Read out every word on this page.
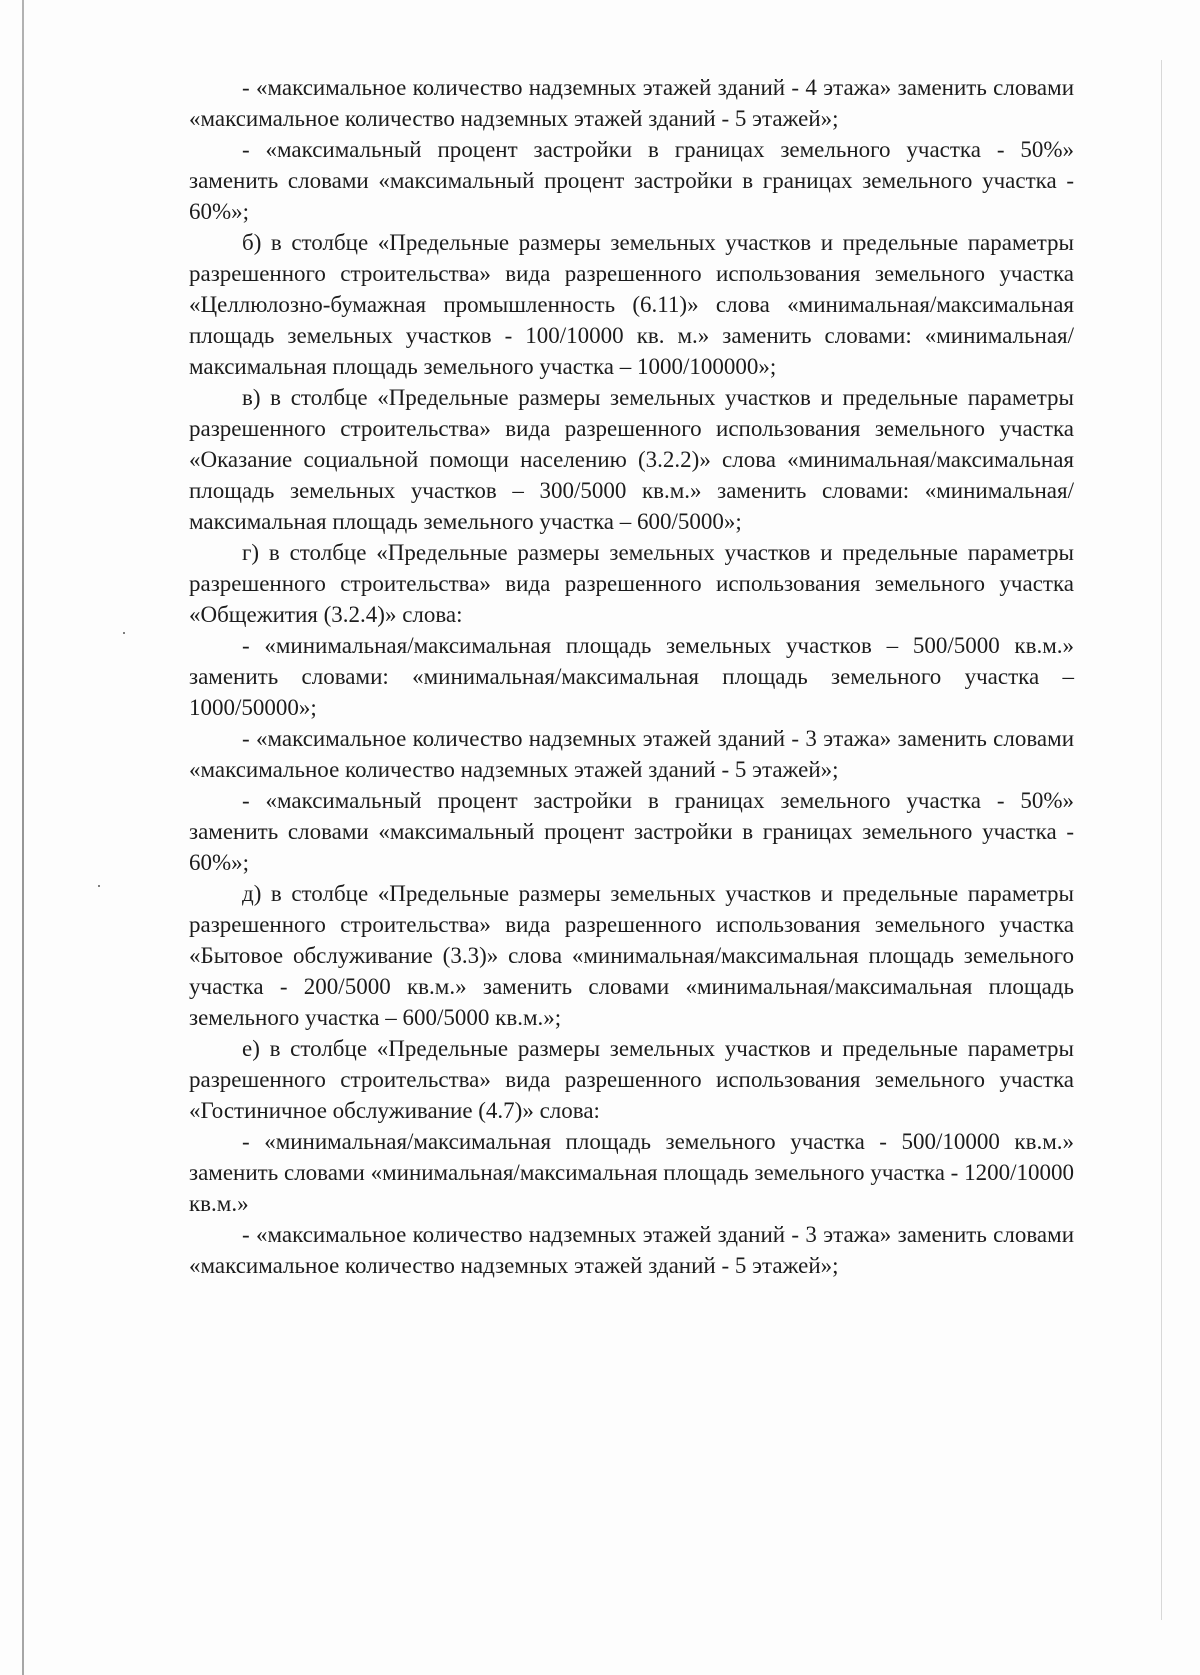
- «максимальное количество надземных этажей зданий - 4 этажа» заменить словами «максимальное количество надземных этажей зданий - 5 этажей»;

- «максимальный процент застройки в границах земельного участка - 50%» заменить словами «максимальный процент застройки в границах земельного участка - 60%»;

б) в столбце «Предельные размеры земельных участков и предельные параметры разрешенного строительства» вида разрешенного использования земельного участка «Целлюлозно-бумажная промышленность (6.11)» слова «минимальная/максимальная площадь земельных участков - 100/10000 кв. м.» заменить словами: «минимальная/максимальная площадь земельного участка – 1000/100000»;

в) в столбце «Предельные размеры земельных участков и предельные параметры разрешенного строительства» вида разрешенного использования земельного участка «Оказание социальной помощи населению (3.2.2)» слова «минимальная/максимальная площадь земельных участков – 300/5000 кв.м.» заменить словами: «минимальная/максимальная площадь земельного участка – 600/5000»;

г) в столбце «Предельные размеры земельных участков и предельные параметры разрешенного строительства» вида разрешенного использования земельного участка «Общежития (3.2.4)» слова:

- «минимальная/максимальная площадь земельных участков – 500/5000 кв.м.» заменить словами: «минимальная/максимальная площадь земельного участка – 1000/50000»;

- «максимальное количество надземных этажей зданий - 3 этажа» заменить словами «максимальное количество надземных этажей зданий - 5 этажей»;

- «максимальный процент застройки в границах земельного участка - 50%» заменить словами «максимальный процент застройки в границах земельного участка - 60%»;

д) в столбце «Предельные размеры земельных участков и предельные параметры разрешенного строительства» вида разрешенного использования земельного участка «Бытовое обслуживание (3.3)» слова «минимальная/максимальная площадь земельного участка - 200/5000 кв.м.» заменить словами «минимальная/максимальная площадь земельного участка – 600/5000 кв.м.»;

е) в столбце «Предельные размеры земельных участков и предельные параметры разрешенного строительства» вида разрешенного использования земельного участка «Гостиничное обслуживание (4.7)» слова:

- «минимальная/максимальная площадь земельного участка - 500/10000 кв.м.» заменить словами «минимальная/максимальная площадь земельного участка - 1200/10000 кв.м.»

- «максимальное количество надземных этажей зданий - 3 этажа» заменить словами «максимальное количество надземных этажей зданий - 5 этажей»;
